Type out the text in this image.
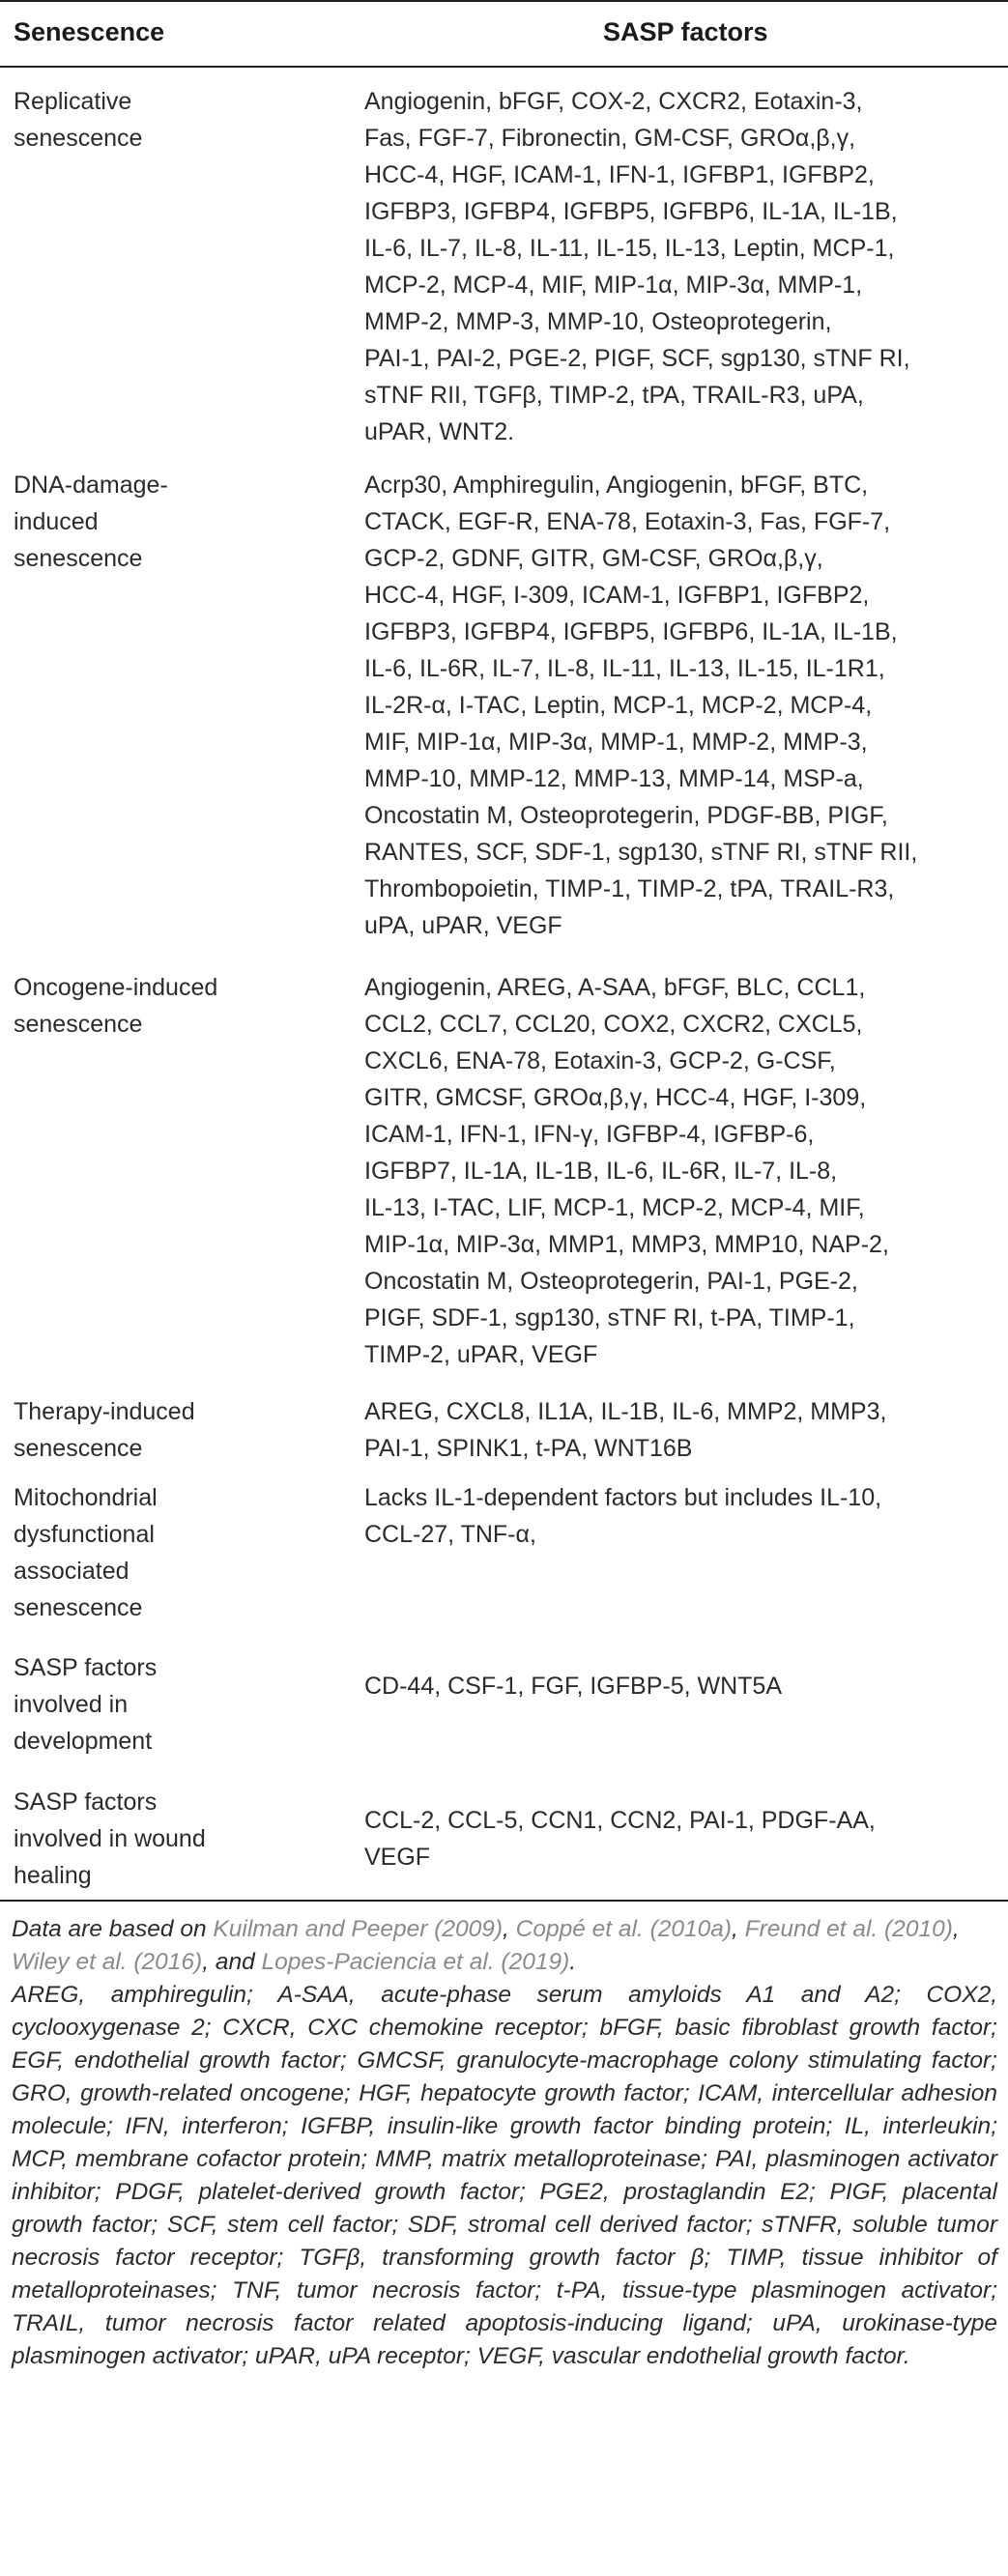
Senescence	SASP factors
Replicative
senescence
Angiogenin, bFGF, COX-2, CXCR2, Eotaxin-3,
Fas, FGF-7, Fibronectin, GM-CSF, GROα,β,γ,
HCC-4, HGF, ICAM-1, IFN-1, IGFBP1, IGFBP2,
IGFBP3, IGFBP4, IGFBP5, IGFBP6, IL-1A, IL-1B,
IL-6, IL-7, IL-8, IL-11, IL-15, IL-13, Leptin, MCP-1,
MCP-2, MCP-4, MIF, MIP-1α, MIP-3α, MMP-1,
MMP-2, MMP-3, MMP-10, Osteoprotegerin,
PAI-1, PAI-2, PGE-2, PIGF, SCF, sgp130, sTNF RI,
sTNF RII, TGFβ, TIMP-2, tPA, TRAIL-R3, uPA,
uPAR, WNT2.
DNA-damage-
induced
senescence
Acrp30, Amphiregulin, Angiogenin, bFGF, BTC,
CTACK, EGF-R, ENA-78, Eotaxin-3, Fas, FGF-7,
GCP-2, GDNF, GITR, GM-CSF, GROα,β,γ,
HCC-4, HGF, I-309, ICAM-1, IGFBP1, IGFBP2,
IGFBP3, IGFBP4, IGFBP5, IGFBP6, IL-1A, IL-1B,
IL-6, IL-6R, IL-7, IL-8, IL-11, IL-13, IL-15, IL-1R1,
IL-2R-α, I-TAC, Leptin, MCP-1, MCP-2, MCP-4,
MIF, MIP-1α, MIP-3α, MMP-1, MMP-2, MMP-3,
MMP-10, MMP-12, MMP-13, MMP-14, MSP-a,
Oncostatin M, Osteoprotegerin, PDGF-BB, PIGF,
RANTES, SCF, SDF-1, sgp130, sTNF RI, sTNF RII,
Thrombopoietin, TIMP-1, TIMP-2, tPA, TRAIL-R3,
uPA, uPAR, VEGF
Oncogene-induced
senescence
Angiogenin, AREG, A-SAA, bFGF, BLC, CCL1,
CCL2, CCL7, CCL20, COX2, CXCR2, CXCL5,
CXCL6, ENA-78, Eotaxin-3, GCP-2, G-CSF,
GITR, GMCSF, GROα,β,γ, HCC-4, HGF, I-309,
ICAM-1, IFN-1, IFN-γ, IGFBP-4, IGFBP-6,
IGFBP7, IL-1A, IL-1B, IL-6, IL-6R, IL-7, IL-8,
IL-13, I-TAC, LIF, MCP-1, MCP-2, MCP-4, MIF,
MIP-1α, MIP-3α, MMP1, MMP3, MMP10, NAP-2,
Oncostatin M, Osteoprotegerin, PAI-1, PGE-2,
PIGF, SDF-1, sgp130, sTNF RI, t-PA, TIMP-1,
TIMP-2, uPAR, VEGF
Therapy-induced
senescence
AREG, CXCL8, IL1A, IL-1B, IL-6, MMP2, MMP3,
PAI-1, SPINK1, t-PA, WNT16B
Mitochondrial
dysfunctional
associated
senescence
Lacks IL-1-dependent factors but includes IL-10,
CCL-27, TNF-α,
SASP factors
involved in
development
CD-44, CSF-1, FGF, IGFBP-5, WNT5A
SASP factors
involved in wound
healing
CCL-2, CCL-5, CCN1, CCN2, PAI-1, PDGF-AA,
VEGF
Data are based on Kuilman and Peeper (2009), Coppé et al. (2010a), Freund et al. (2010), Wiley et al. (2016), and Lopes-Paciencia et al. (2019).
AREG, amphiregulin; A-SAA, acute-phase serum amyloids A1 and A2; COX2, cyclooxygenase 2; CXCR, CXC chemokine receptor; bFGF, basic fibroblast growth factor; EGF, endothelial growth factor; GMCSF, granulocyte-macrophage colony stimulating factor; GRO, growth-related oncogene; HGF, hepatocyte growth factor; ICAM, intercellular adhesion molecule; IFN, interferon; IGFBP, insulin-like growth factor binding protein; IL, interleukin; MCP, membrane cofactor protein; MMP, matrix metalloproteinase; PAI, plasminogen activator inhibitor; PDGF, platelet-derived growth factor; PGE2, prostaglandin E2; PIGF, placental growth factor; SCF, stem cell factor; SDF, stromal cell derived factor; sTNFR, soluble tumor necrosis factor receptor; TGFβ, transforming growth factor β; TIMP, tissue inhibitor of metalloproteinases; TNF, tumor necrosis factor; t-PA, tissue-type plasminogen activator; TRAIL, tumor necrosis factor related apoptosis-inducing ligand; uPA, urokinase-type plasminogen activator; uPAR, uPA receptor; VEGF, vascular endothelial growth factor.
